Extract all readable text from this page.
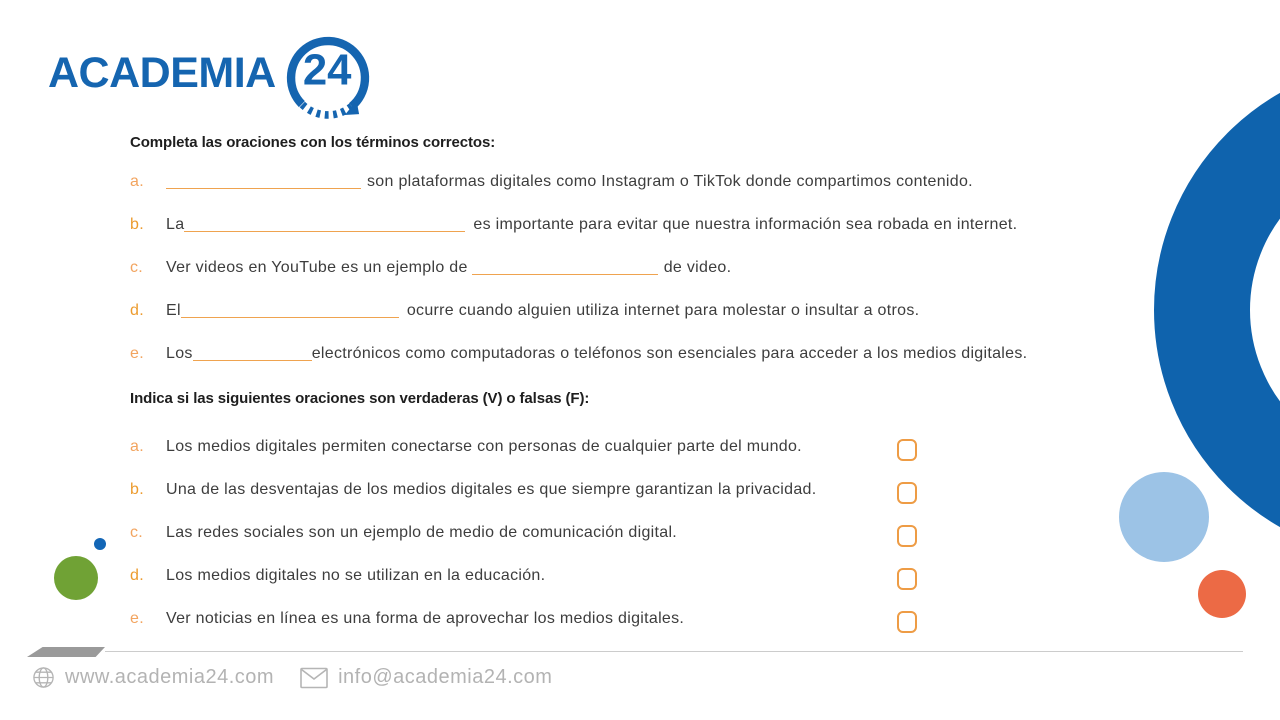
ACADEMIA 24
Completa las oraciones con los términos correctos:
a.	son plataformas digitales como Instagram o TikTok donde compartimos contenido.
b. La	es importante para evitar que nuestra información sea robada en internet.
c. Ver videos en YouTube es un ejemplo de	de video.
d. El	ocurre cuando alguien utiliza internet para molestar o insultar a otros.
e. Los	electrónicos como computadoras o teléfonos son esenciales para acceder a los medios digitales.
Indica si las siguientes oraciones son verdaderas (V) o falsas (F):
a. Los medios digitales permiten conectarse con personas de cualquier parte del mundo.
b. Una de las desventajas de los medios digitales es que siempre garantizan la privacidad.
c. Las redes sociales son un ejemplo de medio de comunicación digital.
d. Los medios digitales no se utilizan en la educación.
e. Ver noticias en línea es una forma de aprovechar los medios digitales.
www.academia24.com	info@academia24.com
